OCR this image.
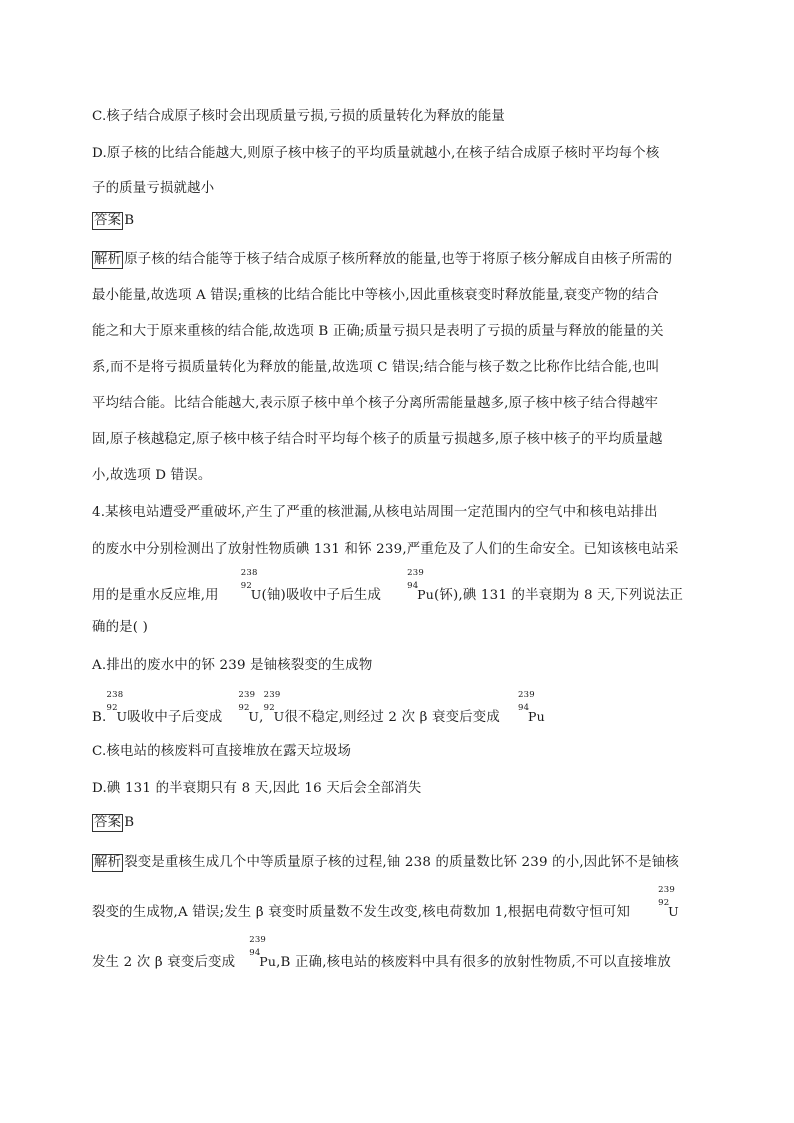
C.核子结合成原子核时会出现质量亏损,亏损的质量转化为释放的能量
D.原子核的比结合能越大,则原子核中核子的平均质量就越小,在核子结合成原子核时平均每个核
子的质量亏损就越小
答案 B
解析 原子核的结合能等于核子结合成原子核所释放的能量,也等于将原子核分解成自由核子所需的
最小能量,故选项 A 错误;重核的比结合能比中等核小,因此重核衰变时释放能量,衰变产物的结合
能之和大于原来重核的结合能,故选项 B 正确;质量亏损只是表明了亏损的质量与释放的能量的关
系,而不是将亏损质量转化为释放的能量,故选项 C 错误;结合能与核子数之比称作比结合能,也叫
平均结合能。比结合能越大,表示原子核中单个核子分离所需能量越多,原子核中核子结合得越牢
固,原子核越稳定,原子核中核子结合时平均每个核子的质量亏损越多,原子核中核子的平均质量越
小,故选项 D 错误。
4.某核电站遭受严重破坏,产生了严重的核泄漏,从核电站周围一定范围内的空气中和核电站排出
的废水中分别检测出了放射性物质碘 131 和钚 239,严重危及了人们的生命安全。已知该核电站采
用的是重水反应堆,用
238
92
U(铀)吸收中子后生成
239
94
Pu(钚),碘 131 的半衰期为 8 天,下列说法正
确的是( )
A.排出的废水中的钚 239 是铀核裂变的生成物
B.
238
92
U吸收中子后变成
239
92
U,
239
92
U很不稳定,则经过 2 次 β 衰变后变成
239
94
Pu
C.核电站的核废料可直接堆放在露天垃圾场
D.碘 131 的半衰期只有 8 天,因此 16 天后会全部消失
答案 B
解析 裂变是重核生成几个中等质量原子核的过程,铀 238 的质量数比钚 239 的小,因此钚不是铀核
裂变的生成物,A 错误;发生 β 衰变时质量数不发生改变,核电荷数加 1,根据电荷数守恒可知
239
92
U
发生 2 次 β 衰变后变成
239
94
Pu,B 正确,核电站的核废料中具有很多的放射性物质,不可以直接堆放
